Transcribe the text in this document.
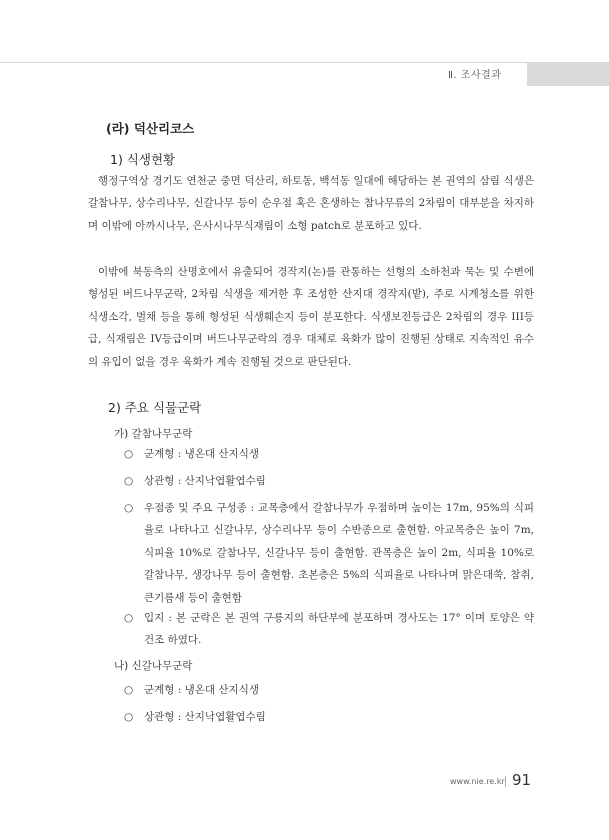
Ⅱ. 조사결과
(라) 덕산리코스
1) 식생현황

행정구역상 경기도 연천군 중면 덕산리, 하토동, 백석동 일대에 해당하는 본 권역의 삼림 식생은 갈참나무, 상수리나무, 신갈나무 등이 순우점 혹은 혼생하는 참나무류의 2차림이 대부분을 차지하며 이밖에 아까시나무, 은사시나무식재림이 소형 patch로 분포하고 있다.

이밖에 북동측의 산명호에서 유출되어 경작지(논)를 관통하는 선형의 소하천과 묵논 및 수변에 형성된 버드나무군락, 2차림 식생을 제거한 후 조성한 산지대 경작지(밭), 주로 시계청소를 위한 식생소각, 벌채 등을 통해 형성된 식생훼손지 등이 분포한다. 식생보전등급은 2차림의 경우 III등급, 식재림은 IV등급이며 버드나무군락의 경우 대체로 육화가 많이 진행된 상태로 지속적인 유수의 유입이 없을 경우 육화가 계속 진행될 것으로 판단된다.

2) 주요 식물군락
가) 갈참나무군락
○	군계형 : 냉온대 산지식생
○	상관형 : 산지낙엽활엽수림
○	우점종 및 주요 구성종 : 교목층에서 갈참나무가 우점하며 높이는 17m, 95%의 식피율로 나타나고 신갈나무, 상수리나무 등이 수반종으로 출현함. 아교목층은 높이 7m, 식피율 10%로 갈참나무, 신갈나무 등이 출현함. 관목층은 높이 2m, 식피율 10%로 갈참나무, 생강나무 등이 출현함. 초본층은 5%의 식피율로 나타나며 맑은대쑥, 참취, 큰기름새 등이 출현함
○	입지 : 본 군락은 본 권역 구릉지의 하단부에 분포하며 경사도는 17° 이며 토양은 약건조 하였다.
나) 신갈나무군락
○	군계형 : 냉온대 산지식생
○	상관형 : 산지낙엽활엽수림
www.nie.re.kr 91
